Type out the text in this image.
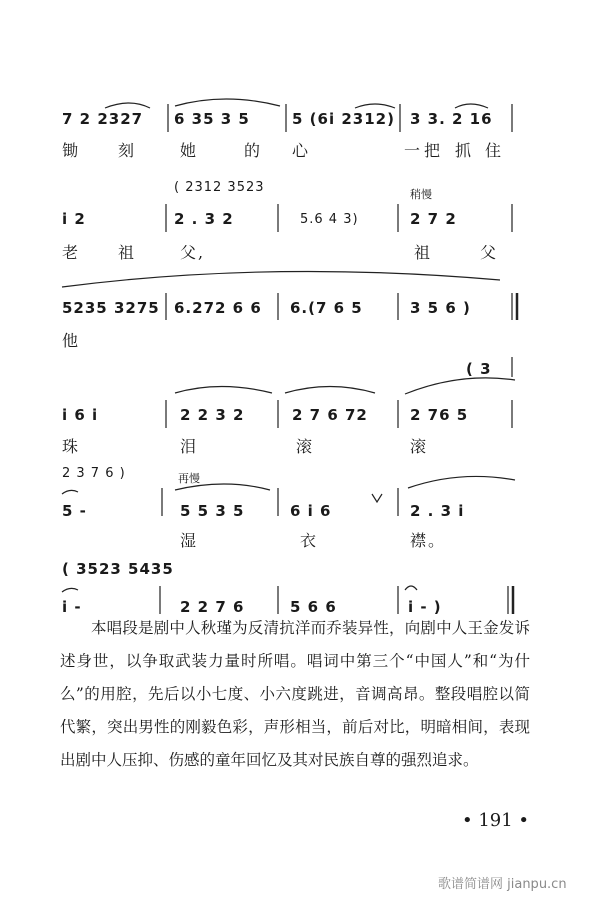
7 2 2327 6 35 3 5	5 (6i 2312) 3 3. 2 16
锄 刻	她	的 心	一 把 抓 住
( 2312 3523	稍慢
i 2	2 . 3 2	5.6 4 3)	2 7 2
老 祖	父,	祖	父
5235 3275 6.272 6 6 6.(7 6 5	3 5 6 )
他
( 3
i 6 i	2 2 3 2	2 7 6 72	2 76 5
珠	泪	滚	滚
2 3 7 6 )	再慢
5 -	5 5 3 5	6 i 6	2 . 3 i
湿	衣	襟。
( 3523 5435
i -	2 2 7 6	5 6 6	i - )
本唱段是剧中人秋瑾为反清抗洋而乔装异性，向剧中人王金发诉述身世，以争取武装力量时所唱。唱词中第三个“中国人”和“为什么”的用腔，先后以小七度、小六度跳进，音调高昂。整段唱腔以简代繁，突出男性的刚毅色彩，声形相当，前后对比，明暗相间，表现出剧中人压抑、伤感的童年回忆及其对民族自尊的强烈追求。
• 191 •
歌谱简谱网 jianpu.cn
